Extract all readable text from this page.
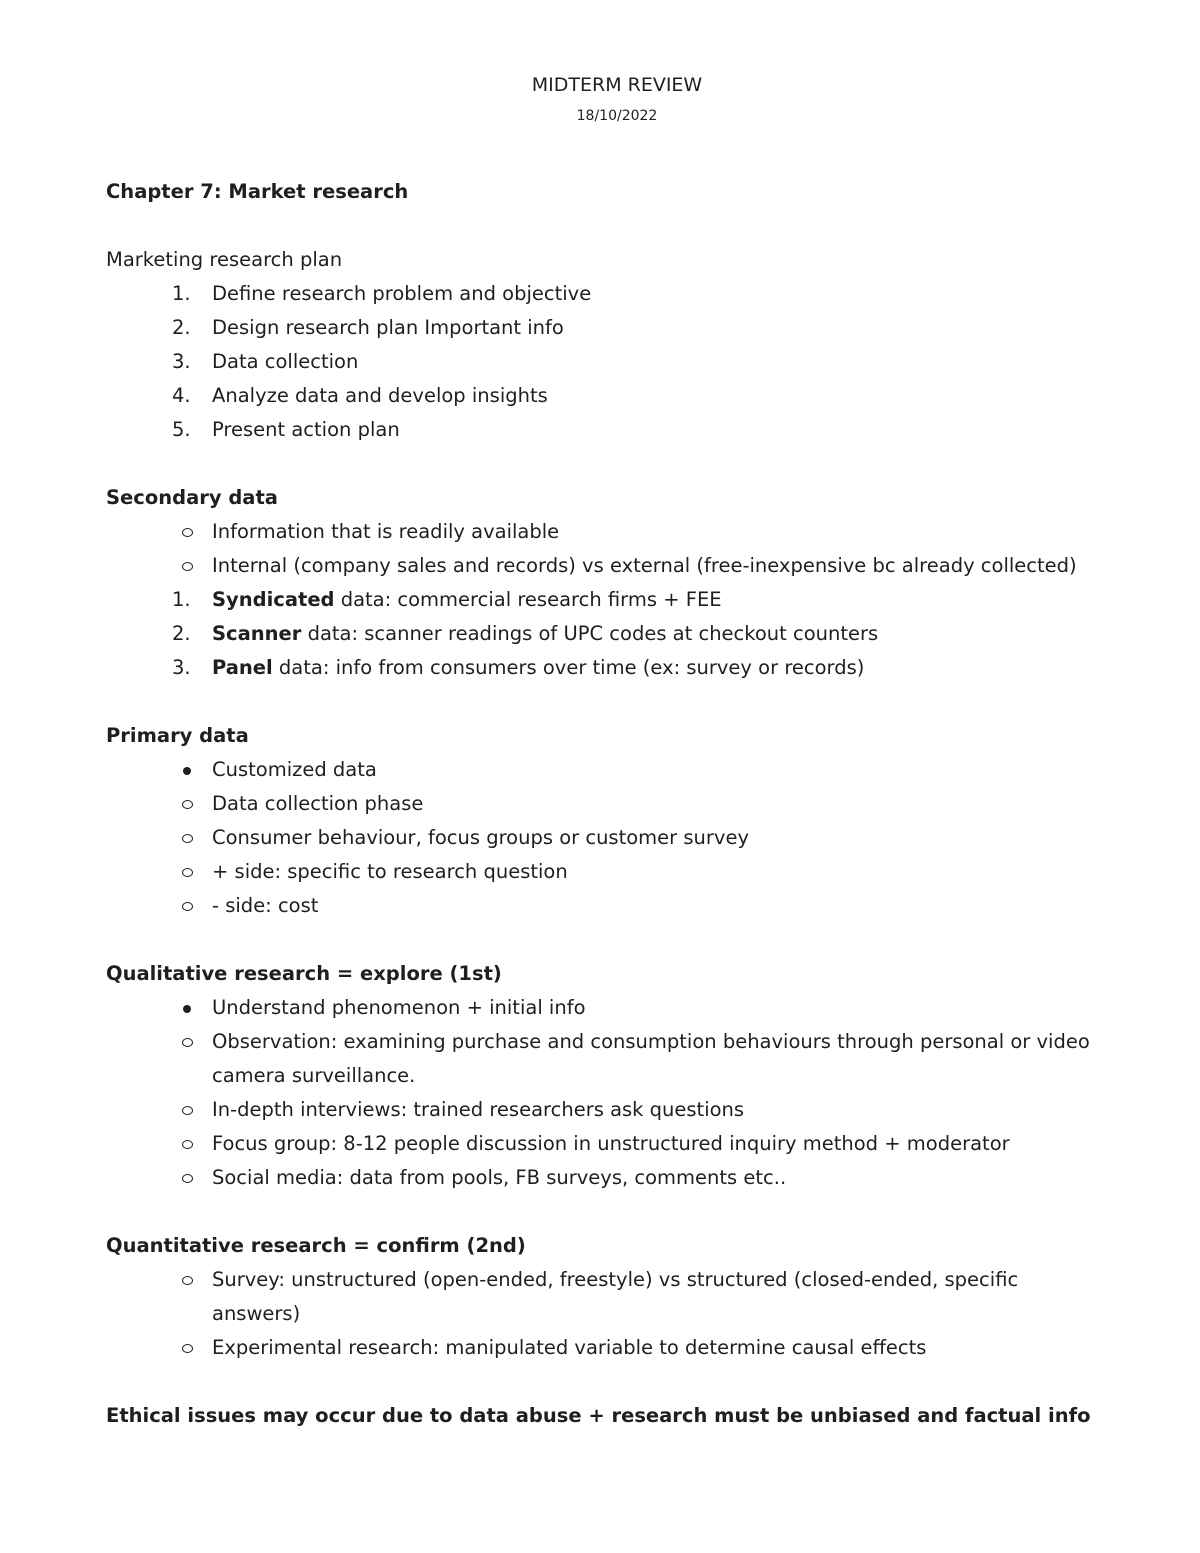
MIDTERM REVIEW
18/10/2022
Chapter 7: Market research
Marketing research plan
1.	Define research problem and objective
2.	Design research plan Important info
3.	Data collection
4.	Analyze data and develop insights
5.	Present action plan
Secondary data
Information that is readily available
Internal (company sales and records) vs external (free-inexpensive bc already collected)
1.	Syndicated data: commercial research firms + FEE
2.	Scanner data: scanner readings of UPC codes at checkout counters
3.	Panel data: info from consumers over time (ex: survey or records)
Primary data
Customized data
Data collection phase
Consumer behaviour, focus groups or customer survey
+ side: specific to research question
- side: cost
Qualitative research = explore (1st)
Understand phenomenon + initial info
Observation: examining purchase and consumption behaviours through personal or video camera surveillance.
In-depth interviews: trained researchers ask questions
Focus group: 8-12 people discussion in unstructured inquiry method + moderator
Social media: data from pools, FB surveys, comments etc..
Quantitative research = confirm (2nd)
Survey: unstructured (open-ended, freestyle) vs structured (closed-ended, specific answers)
Experimental research: manipulated variable to determine causal effects
Ethical issues may occur due to data abuse + research must be unbiased and factual info
